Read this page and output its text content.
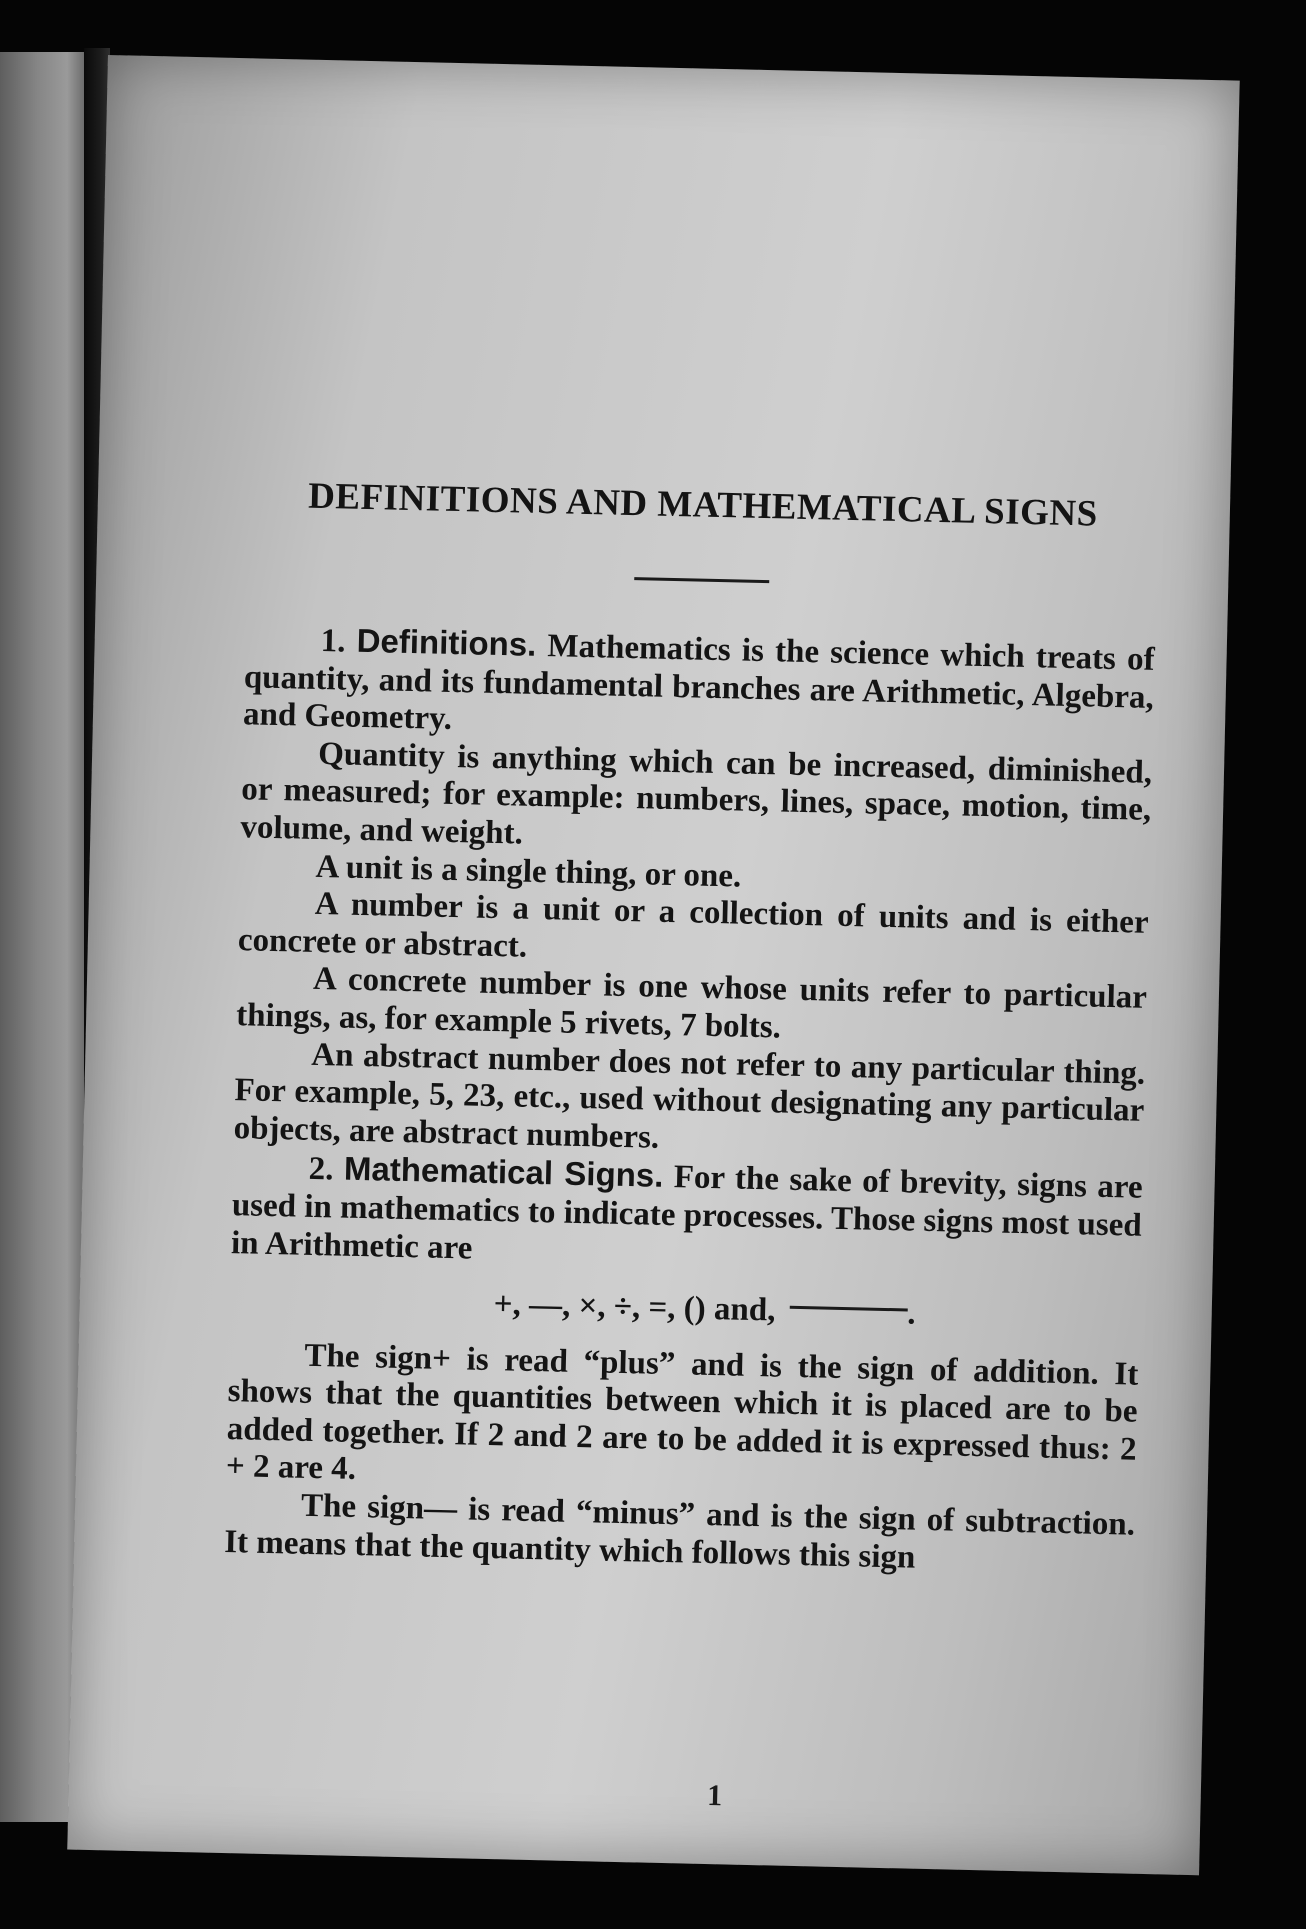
DEFINITIONS AND MATHEMATICAL SIGNS

1. Definitions. Mathematics is the science which treats of quantity, and its fundamental branches are Arithmetic, Algebra, and Geometry.

Quantity is anything which can be increased, diminished, or measured; for example: numbers, lines, space, motion, time, volume, and weight.

A unit is a single thing, or one.

A number is a unit or a collection of units and is either concrete or abstract.

A concrete number is one whose units refer to particular things, as, for example 5 rivets, 7 bolts.

An abstract number does not refer to any particular thing. For example, 5, 23, etc., used without designating any particular objects, are abstract numbers.

2. Mathematical Signs. For the sake of brevity, signs are used in mathematics to indicate processes. Those signs most used in Arithmetic are

+, —, ×, ÷, =, () and,	.

The sign+ is read “plus” and is the sign of addition. It shows that the quantities between which it is placed are to be added together. If 2 and 2 are to be added it is expressed thus: 2 + 2 are 4.

The sign— is read “minus” and is the sign of subtraction. It means that the quantity which follows this sign

1
